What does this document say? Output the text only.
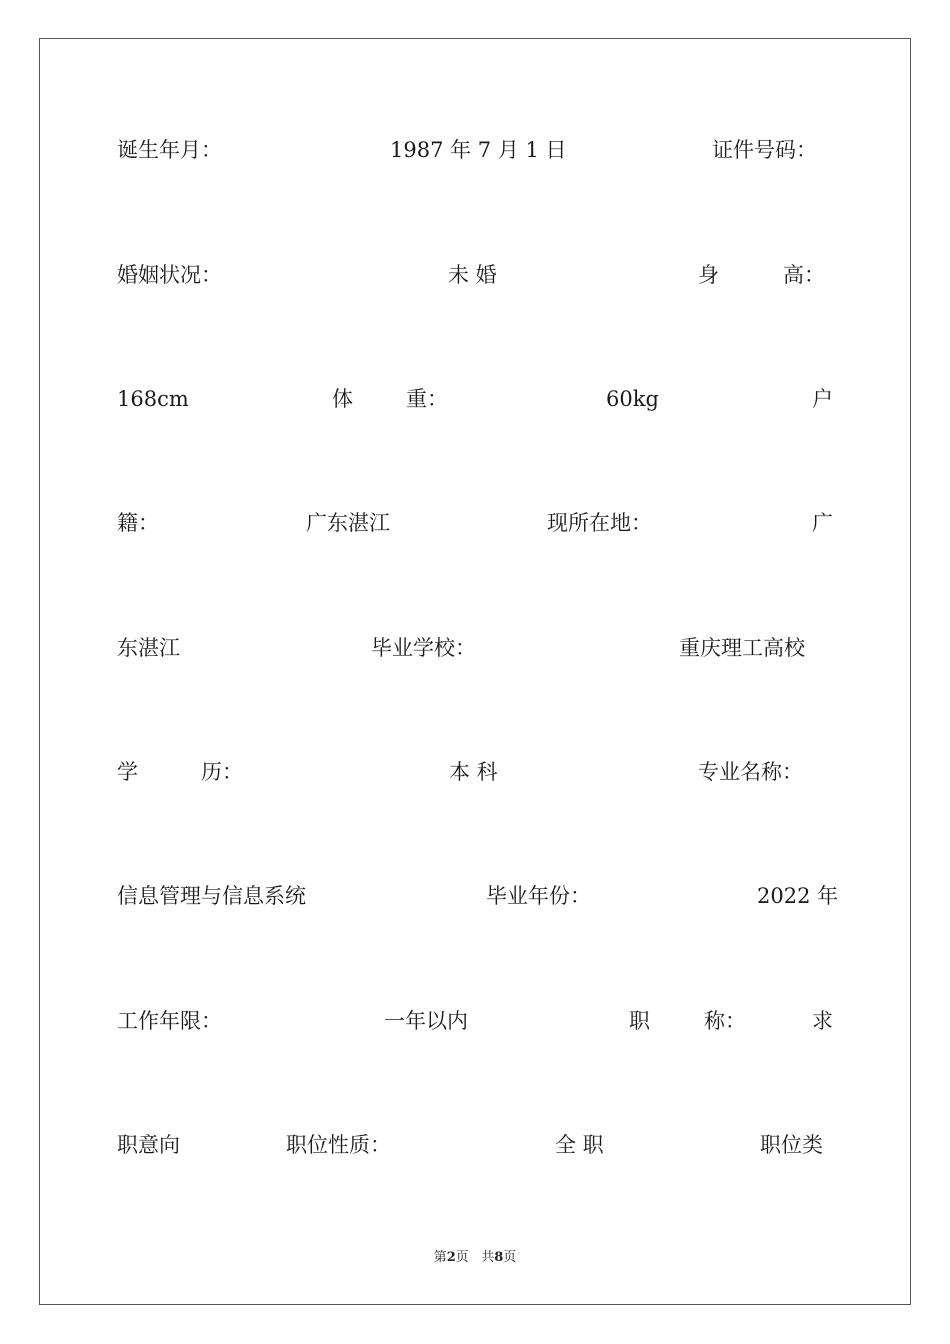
诞生年月：	1987 年 7 月 1 日	证件号码：
婚姻状况：	未 婚	身	高：
168cm	体	重：	60kg	户
籍：	广东湛江	现所在地：	广
东湛江	毕业学校：	重庆理工高校
学	历：	本 科	专业名称：
信息管理与信息系统	毕业年份：	2022 年
工作年限：	一年以内	职	称：	求
职意向	职位性质：	全 职	职位类
第2页 共8页
